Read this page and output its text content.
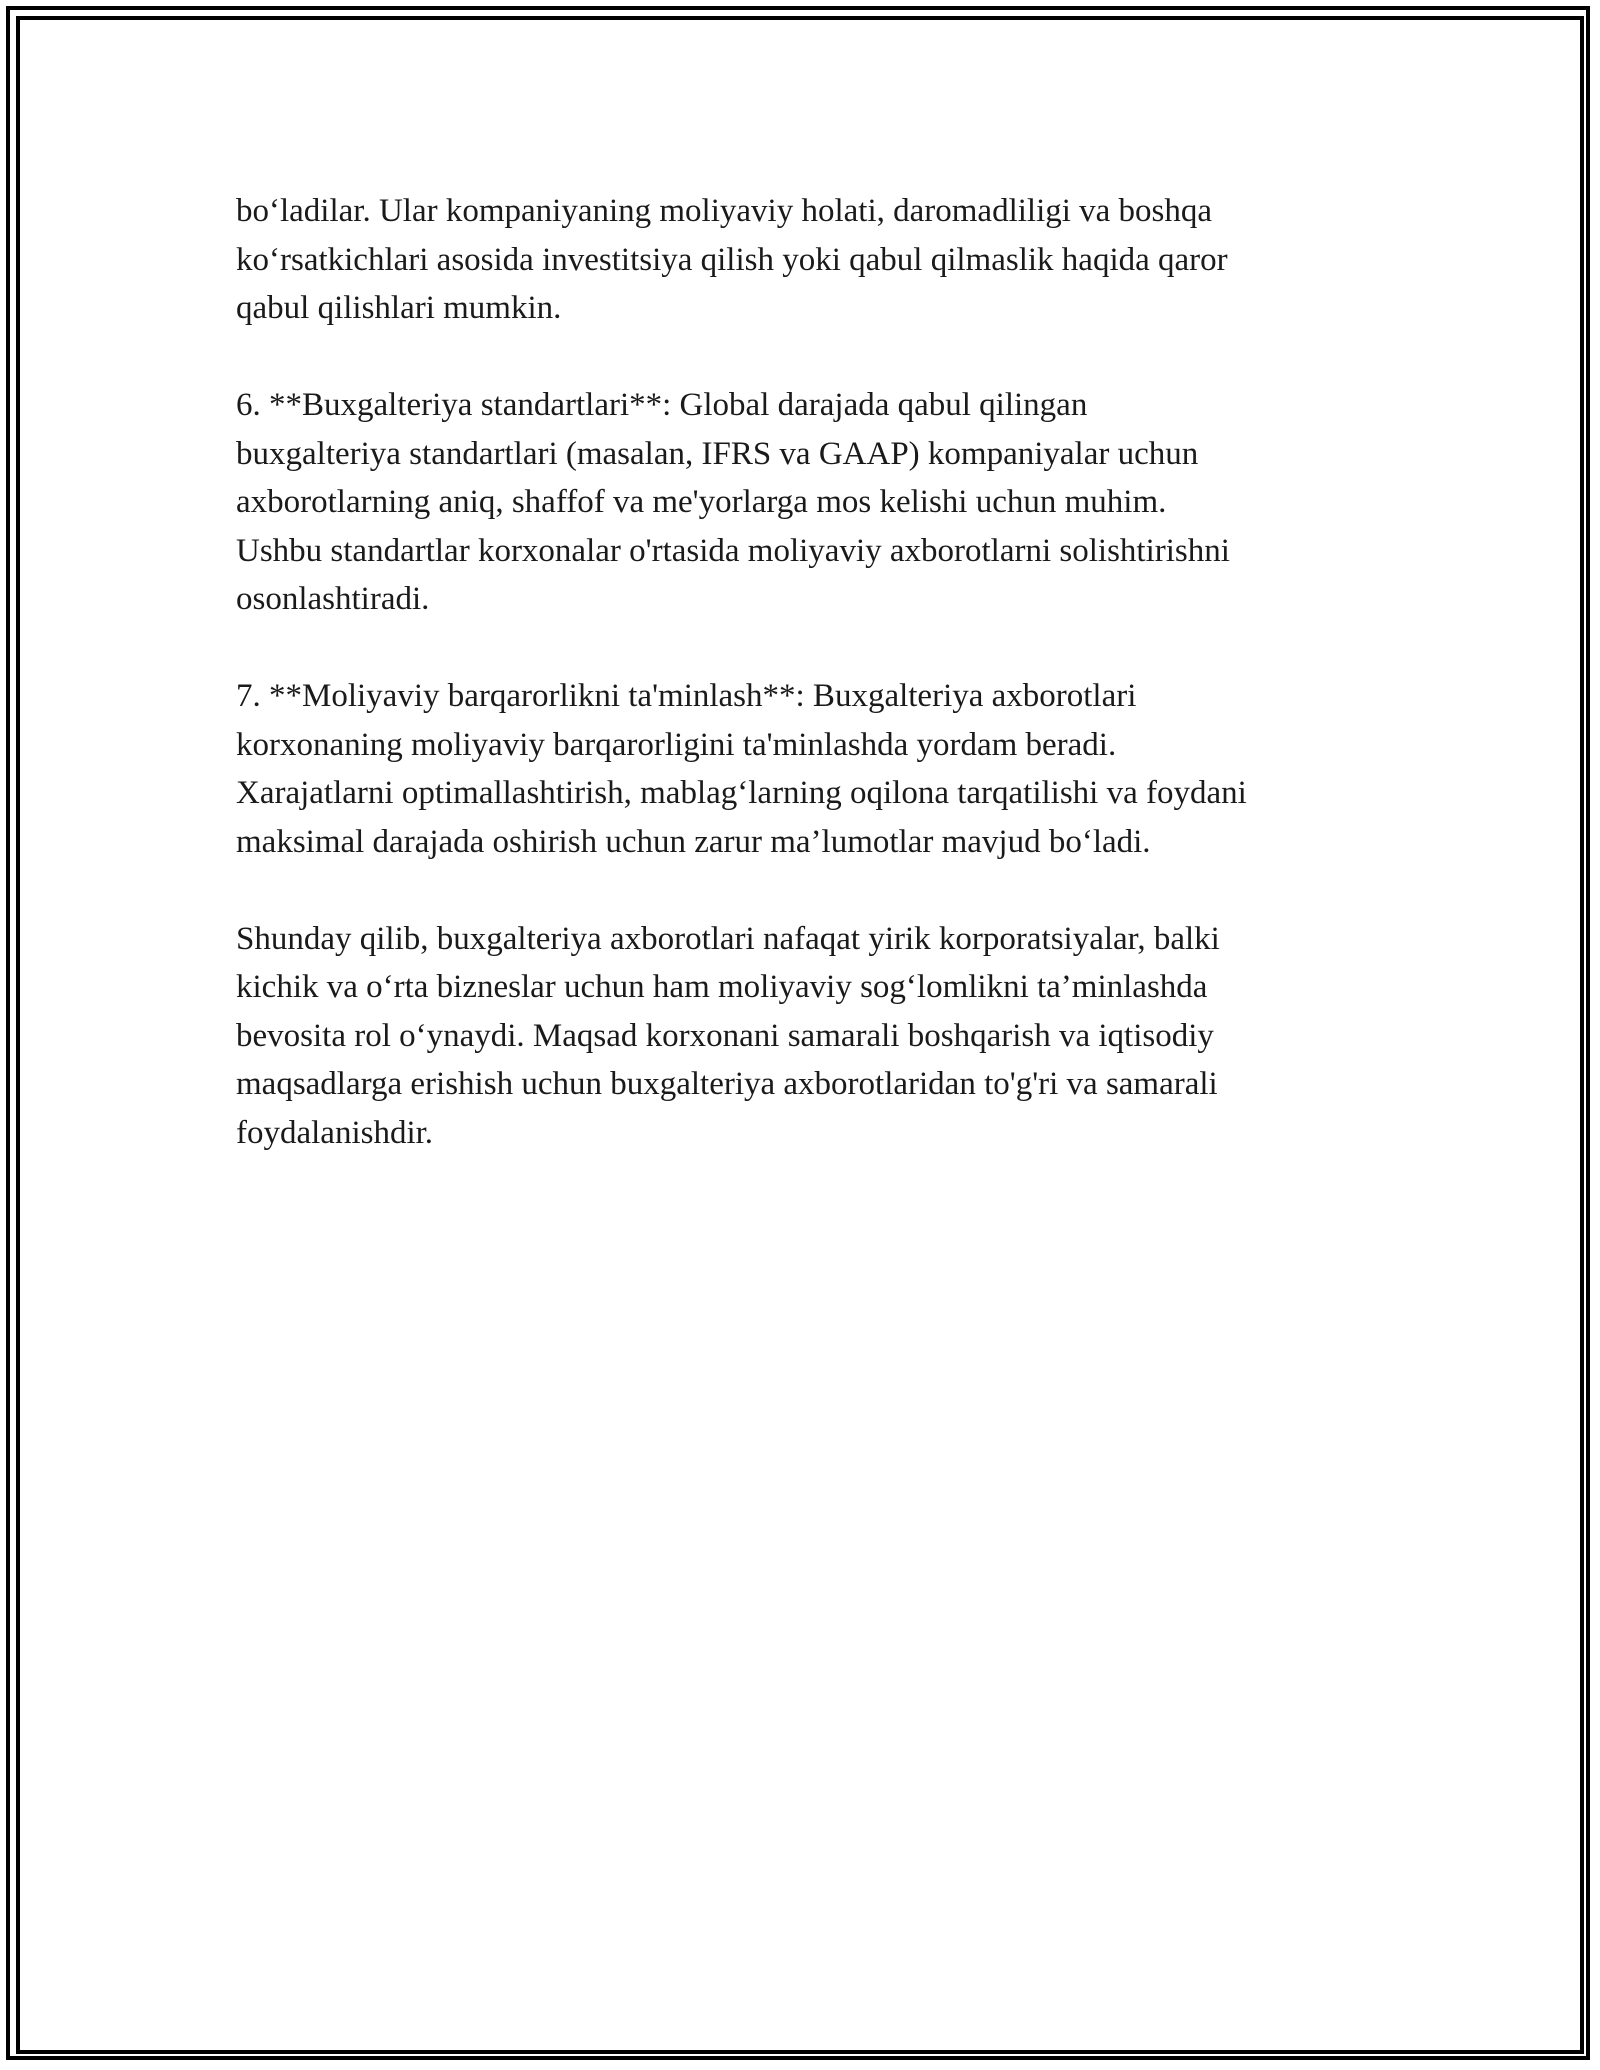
bo‘ladilar. Ular kompaniyaning moliyaviy holati, daromadliligi va boshqa
ko‘rsatkichlari asosida investitsiya qilish yoki qabul qilmaslik haqida qaror
qabul qilishlari mumkin.

6. **Buxgalteriya standartlari**: Global darajada qabul qilingan
buxgalteriya standartlari (masalan, IFRS va GAAP) kompaniyalar uchun
axborotlarning aniq, shaffof va me'yorlarga mos kelishi uchun muhim.
Ushbu standartlar korxonalar o'rtasida moliyaviy axborotlarni solishtirishni
osonlashtiradi.

7. **Moliyaviy barqarorlikni ta'minlash**: Buxgalteriya axborotlari
korxonaning moliyaviy barqarorligini ta'minlashda yordam beradi.
Xarajatlarni optimallashtirish, mablag‘larning oqilona tarqatilishi va foydani
maksimal darajada oshirish uchun zarur ma’lumotlar mavjud bo‘ladi.

Shunday qilib, buxgalteriya axborotlari nafaqat yirik korporatsiyalar, balki
kichik va o‘rta bizneslar uchun ham moliyaviy sog‘lomlikni ta’minlashda
bevosita rol o‘ynaydi. Maqsad korxonani samarali boshqarish va iqtisodiy
maqsadlarga erishish uchun buxgalteriya axborotlaridan to'g'ri va samarali
foydalanishdir.
